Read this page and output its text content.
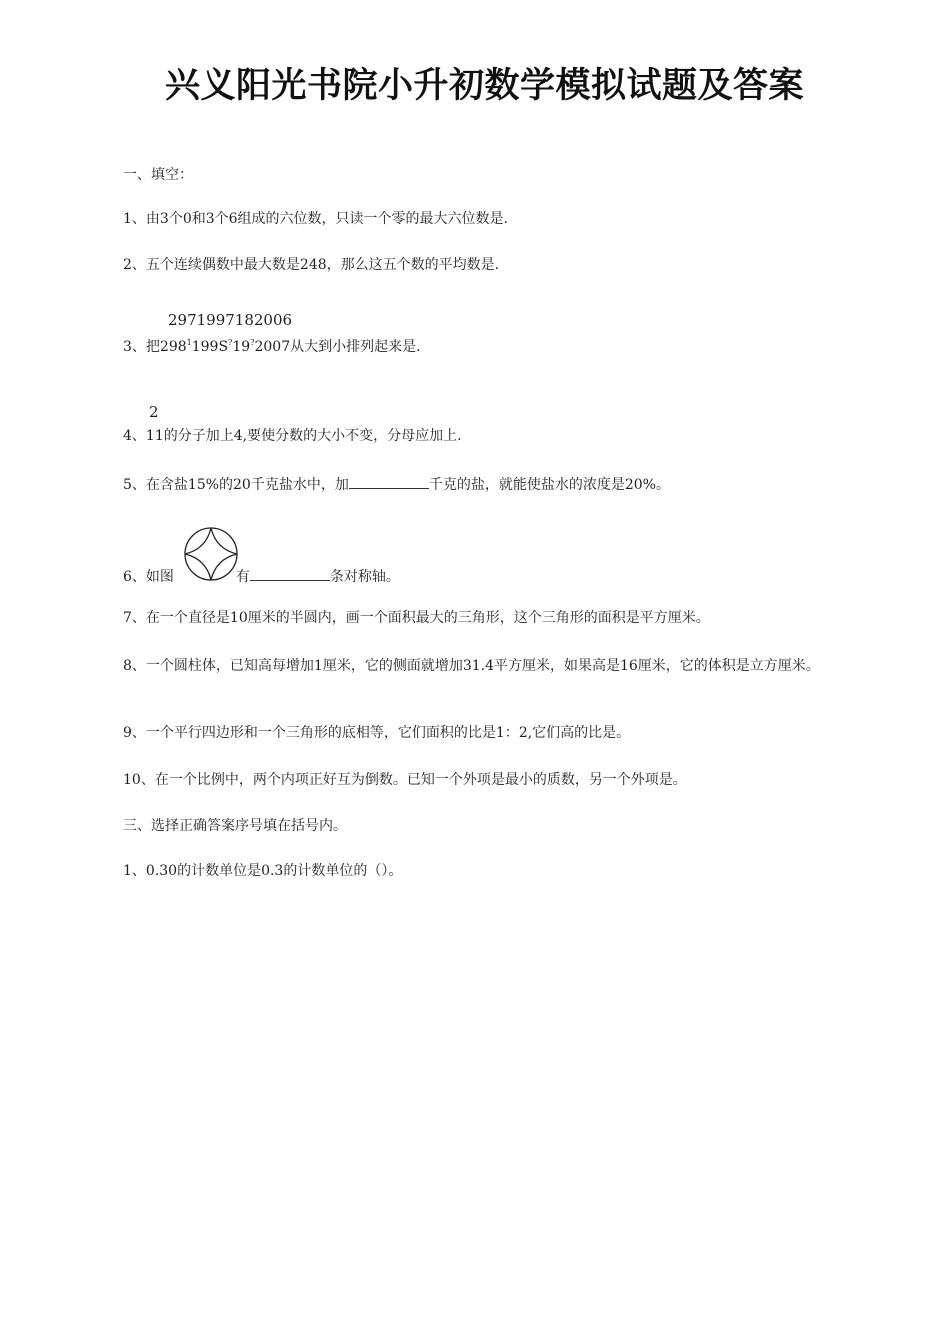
兴义阳光书院小升初数学模拟试题及答案
一、填空：
1、由3个0和3个6组成的六位数，只读一个零的最大六位数是.
2、五个连续偶数中最大数是248，那么这五个数的平均数是.
2971997182006
3、把$298^1199S^?19^?2007$从大到小排列起来是.
2
4、11的分子加上4,要使分数的大小不变，分母应加上.
5、在含盐15%的20千克盐水中，加	千克的盐，就能使盐水的浓度是20%。
6、如图	有	条对称轴。
7、在一个直径是10厘米的半圆内，画一个面积最大的三角形，这个三角形的面积是平方厘米。
8、一个圆柱体，已知高每增加1厘米，它的侧面就增加31.4平方厘米，如果高是16厘米，它的体积是立方厘米。
9、一个平行四边形和一个三角形的底相等，它们面积的比是1：2,它们高的比是。
10、在一个比例中，两个内项正好互为倒数。已知一个外项是最小的质数，另一个外项是。
三、选择正确答案序号填在括号内。
1、0.30的计数单位是0.3的计数单位的（）。
